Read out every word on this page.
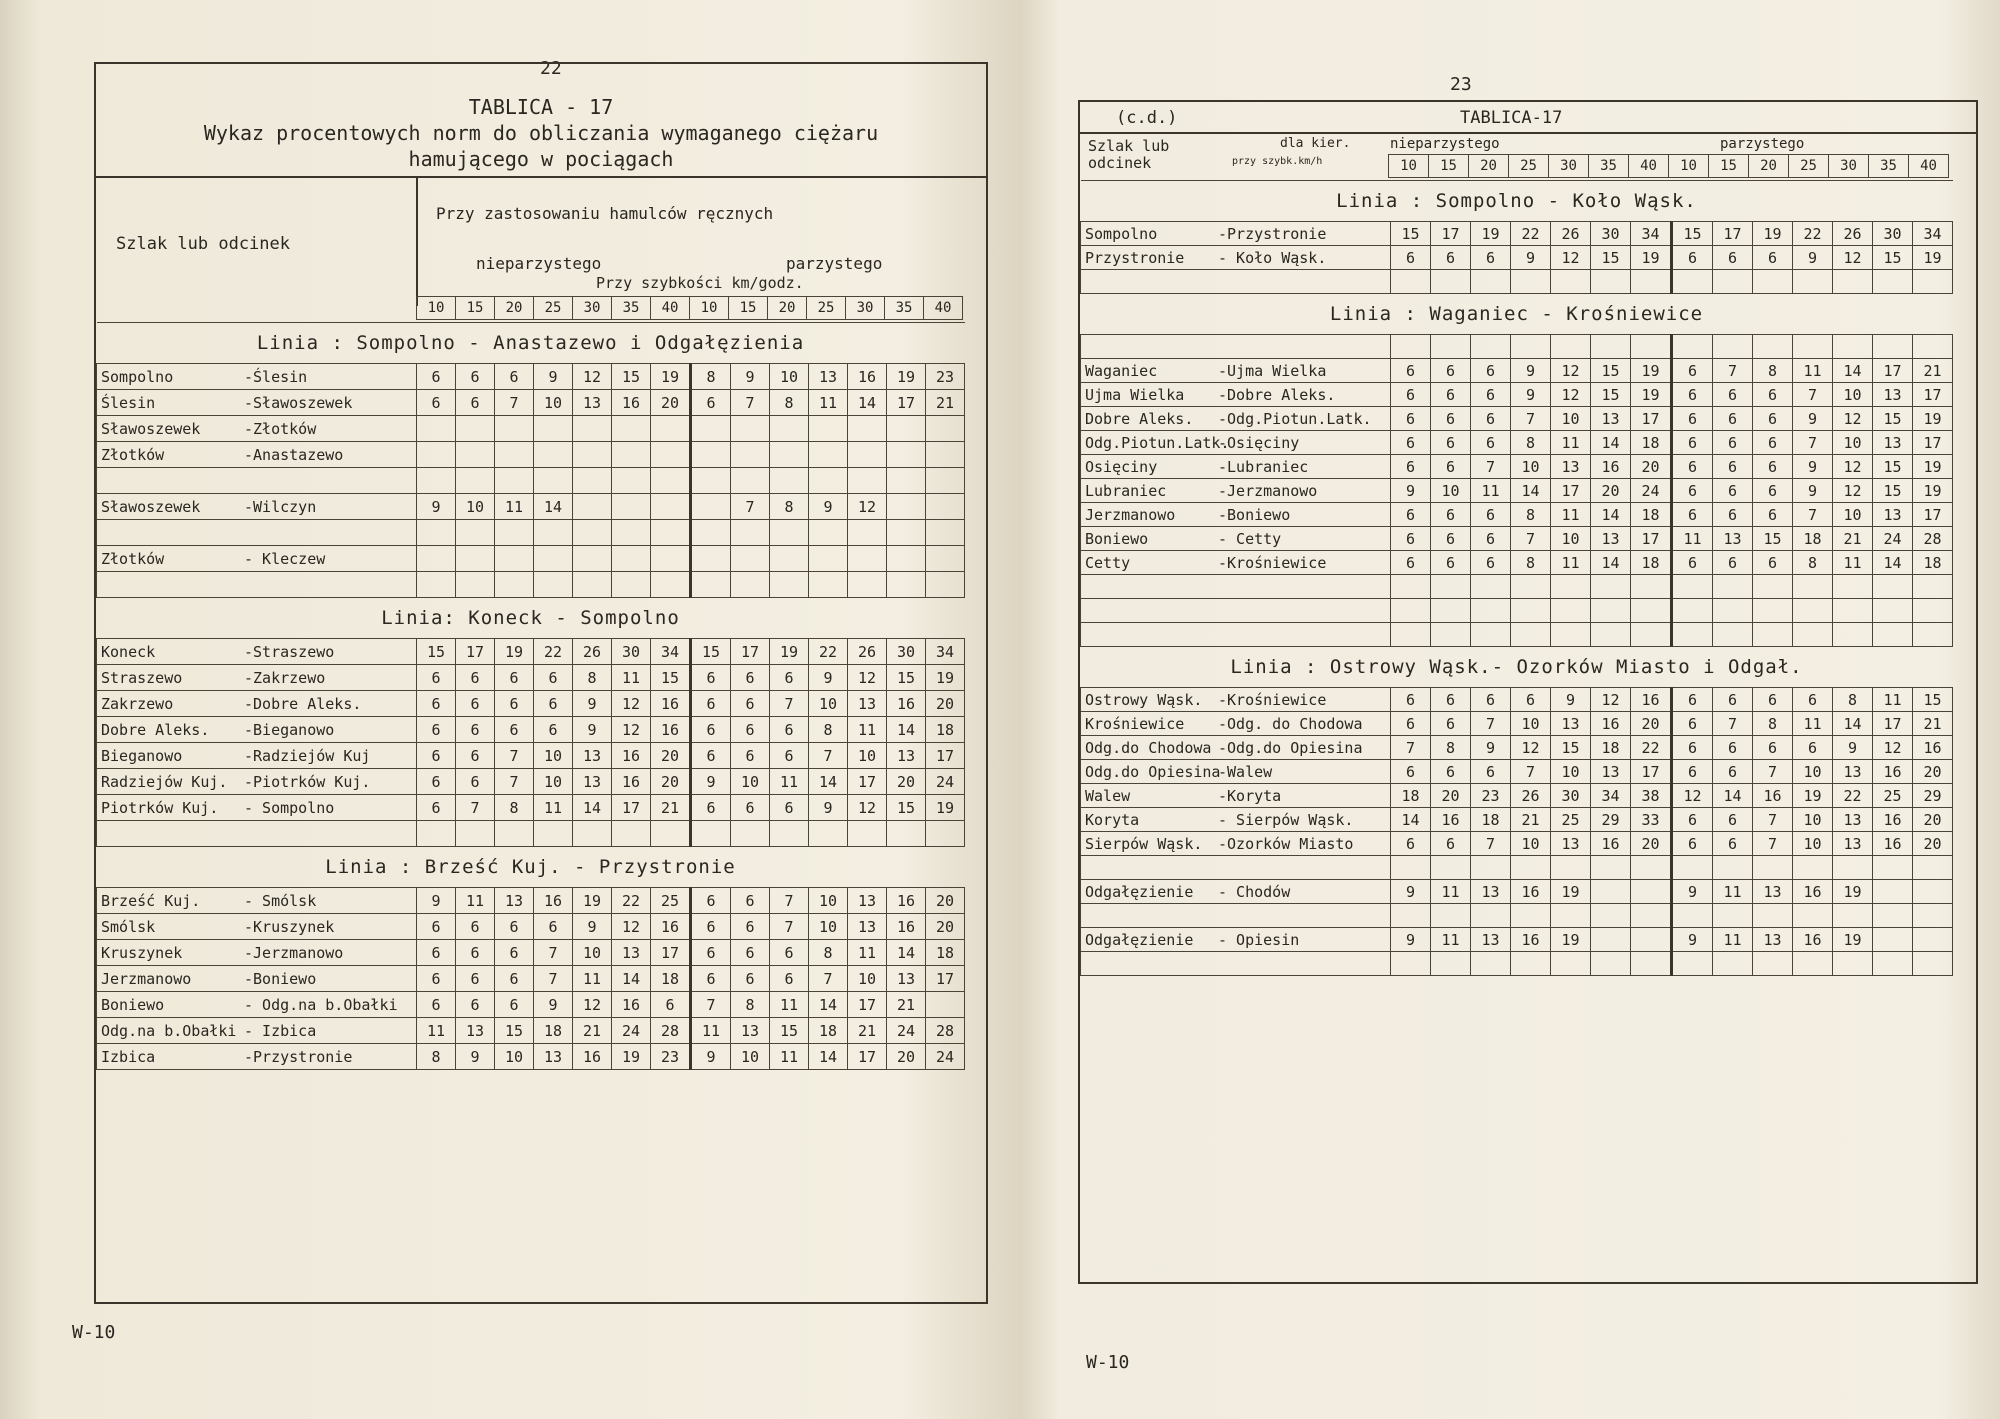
22
TABLICA - 17
Wykaz procentowych norm do obliczania wymaganego ciężaru
hamującego w pociągach
Szlak lub odcinek
Przy zastosowaniu hamulców ręcznych
nieparzystego	parzystego
Przy szybkości km/godz.
10	15	20	25	30	35	40	10	15	20	25	30	35	40
Linia : Sompolno - Anastazewo i Odgałęzienia															
Sompolno	-Ślesin	6	6	6	9	12	15	19	8	9	10	13	16	19	23
Ślesin	-Sławoszewek	6	6	7	10	13	16	20	6	7	8	11	14	17	21
Sławoszewek	-Złotków														
Złotków	-Anastazewo														

Sławoszewek	-Wilczyn	9	10	11	14					7	8	9	12		

Złotków	- Kleczew														

Linia: Koneck - Sompolno															
Koneck	-Straszewo	15	17	19	22	26	30	34	15	17	19	22	26	30	34
Straszewo	-Zakrzewo	6	6	6	6	8	11	15	6	6	6	9	12	15	19
Zakrzewo	-Dobre Aleks.	6	6	6	6	9	12	16	6	6	7	10	13	16	20
Dobre Aleks.	-Bieganowo	6	6	6	6	9	12	16	6	6	6	8	11	14	18
Bieganowo	-Radziejów Kuj	6	6	7	10	13	16	20	6	6	6	7	10	13	17
Radziejów Kuj.	-Piotrków Kuj.	6	6	7	10	13	16	20	9	10	11	14	17	20	24
Piotrków Kuj.	- Sompolno	6	7	8	11	14	17	21	6	6	6	9	12	15	19

Linia : Brześć Kuj. - Przystronie															
Brześć Kuj.	- Smólsk	9	11	13	16	19	22	25	6	6	7	10	13	16	20
Smólsk	-Kruszynek	6	6	6	6	9	12	16	6	6	7	10	13	16	20
Kruszynek	-Jerzmanowo	6	6	6	7	10	13	17	6	6	6	8	11	14	18
Jerzmanowo	-Boniewo	6	6	6	7	11	14	18	6	6	6	7	10	13	17
Boniewo	- Odg.na b.Obałki	6	6	6	9	12	16	6	7	8	11	14	17	21	
Odg.na b.Obałki	- Izbica	11	13	15	18	21	24	28	11	13	15	18	21	24	28
Izbica	-Przystronie	8	9	10	13	16	19	23	9	10	11	14	17	20	24
W-10
23
(c.d.)	TABLICA-17
Szlak lub odcinek
dla kier.
przy szybk.km/h
nieparzystego	parzystego
10	15	20	25	30	35	40	10	15	20	25	30	35	40
Linia : Sompolno - Koło Wąsk.															
Sompolno	-Przystronie	15	17	19	22	26	30	34	15	17	19	22	26	30	34
Przystronie	- Koło Wąsk.	6	6	6	9	12	15	19	6	6	6	9	12	15	19

Linia : Waganiec - Krośniewice															

Waganiec	-Ujma Wielka	6	6	6	9	12	15	19	6	7	8	11	14	17	21
Ujma Wielka	-Dobre Aleks.	6	6	6	9	12	15	19	6	6	6	7	10	13	17
Dobre Aleks.	-Odg.Piotun.Latk.	6	6	6	7	10	13	17	6	6	6	9	12	15	19
Odg.Piotun.Latk.	-Osięciny	6	6	6	8	11	14	18	6	6	6	7	10	13	17
Osięciny	-Lubraniec	6	6	7	10	13	16	20	6	6	6	9	12	15	19
Lubraniec	-Jerzmanowo	9	10	11	14	17	20	24	6	6	6	9	12	15	19
Jerzmanowo	-Boniewo	6	6	6	8	11	14	18	6	6	6	7	10	13	17
Boniewo	- Cetty	6	6	6	7	10	13	17	11	13	15	18	21	24	28
Cetty	-Krośniewice	6	6	6	8	11	14	18	6	6	6	8	11	14	18

Linia : Ostrowy Wąsk.- Ozorków Miasto i Odgał.															
Ostrowy Wąsk.	-Krośniewice	6	6	6	6	9	12	16	6	6	6	6	8	11	15
Krośniewice	-Odg. do Chodowa	6	6	7	10	13	16	20	6	7	8	11	14	17	21
Odg.do Chodowa	-Odg.do Opiesina	7	8	9	12	15	18	22	6	6	6	6	9	12	16
Odg.do Opiesina	-Walew	6	6	6	7	10	13	17	6	6	7	10	13	16	20
Walew	-Koryta	18	20	23	26	30	34	38	12	14	16	19	22	25	29
Koryta	- Sierpów Wąsk.	14	16	18	21	25	29	33	6	6	7	10	13	16	20
Sierpów Wąsk.	-Ozorków Miasto	6	6	7	10	13	16	20	6	6	7	10	13	16	20

Odgałęzienie	- Chodów	9	11	13	16	19			9	11	13	16	19		

Odgałęzienie	- Opiesin	9	11	13	16	19			9	11	13	16	19		

W-10
